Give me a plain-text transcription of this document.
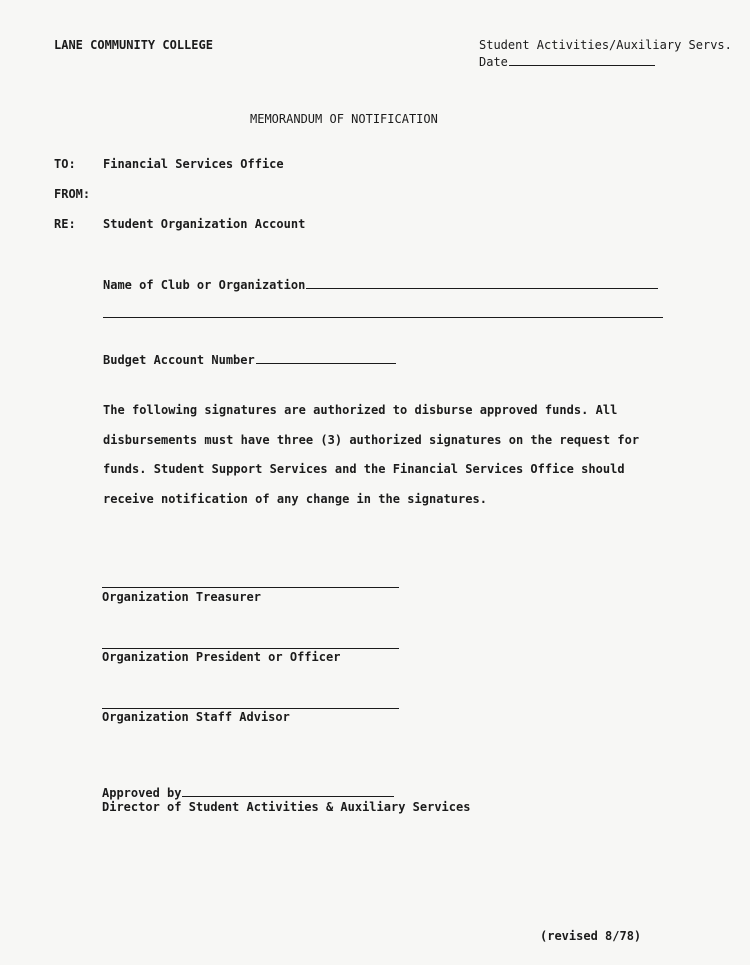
LANE COMMUNITY COLLEGE	Student Activities/Auxiliary Servs.
Date
MEMORANDUM OF NOTIFICATION
TO: Financial Services Office
FROM:
RE: Student Organization Account
Name of Club or Organization
Budget Account Number
The following signatures are authorized to disburse approved funds. All
disbursements must have three (3) authorized signatures on the request for
funds. Student Support Services and the Financial Services Office should
receive notification of any change in the signatures.
Organization Treasurer
Organization President or Officer
Organization Staff Advisor
Approved by
Director of Student Activities & Auxiliary Services
(revised 8/78)
